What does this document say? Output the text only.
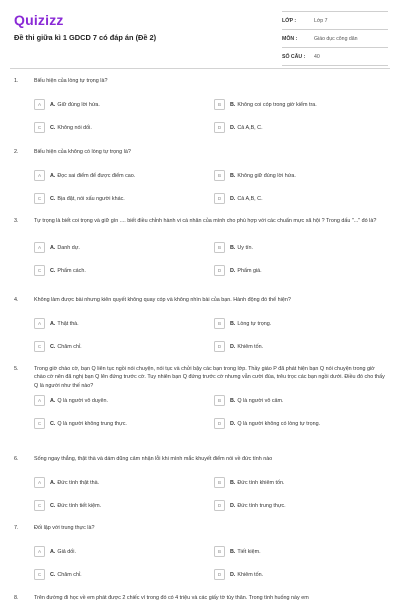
Quizizz
Đề thi giữa kì 1 GDCD 7 có đáp án (Đề 2)
LỚP :	Lớp 7
MÔN :	Giáo dục công dân
SỐ CÂU :	40
1.	Biểu hiện của lòng tự trọng là?
A	A. Giữ đúng lời hứa.	B	B. Không coi cóp trong giờ kiểm tra.
C	C. Không nói dối.	D	D. Cả A,B, C.
2.	Biểu hiện của không có lòng tự trọng là?
A	A. Đọc sai điểm để được điểm cao.	B	B. Không giữ đúng lời hứa.
C	C. Bịa đặt, nói xấu người khác.	D	D. Cả A,B, C.
3.	Tự trọng là biết coi trọng và giữ gìn .... biết điều chỉnh hành vi cá nhân của mình cho phù hợp với các chuẩn mực xã hội ? Trong dấu "..." đó là?
A	A. Danh dự.	B	B. Uy tín.
C	C. Phẩm cách.	D	D. Phẩm giá.
4.	Không làm được bài nhưng kiên quyết không quay cóp và không nhìn bài của bạn. Hành động đó thể hiện?
A	A. Thật thà.	B	B. Lòng tự trọng.
C	C. Chăm chỉ.	D	D. Khiêm tốn.
5.	Trong giờ chào cờ, bạn Q liên tục ngồi nói chuyện, nói tục và chửi bậy các bạn trong lớp. Thầy giáo P đã phát hiện bạn Q nói chuyện trong giờ chào cờ nên đã nghị bạn Q lên đứng trước cờ. Tuy nhiên bạn Q đứng trước cờ nhưng vẫn cười đùa, trêu trọc các bạn ngồi dưới. Điều đó cho thấy Q là người như thế nào?
A	A. Q là người vô duyên.	B	B. Q là người vô cảm.
C	C. Q là người không trung thực.	D	D. Q là người không có lòng tự trọng.
6.	Sống ngay thẳng, thật thà và dám dũng cảm nhận lỗi khi mình mắc khuyết điểm nói về đức tính nào
A	A. Đức tính thật thà.	B	B. Đức tính khiêm tốn.
C	C. Đức tính tiết kiệm.	D	D. Đức tính trung thực.
7.	Đối lập với trung thực là?
A	A. Giả dối.	B	B. Tiết kiệm.
C	C. Chăm chỉ.	D	D. Khiêm tốn.
8.	Trên đường đi học về em phát được 2 chiếc ví trong đó có 4 triệu và các giấy tờ tùy thân. Trong tình huống này em
